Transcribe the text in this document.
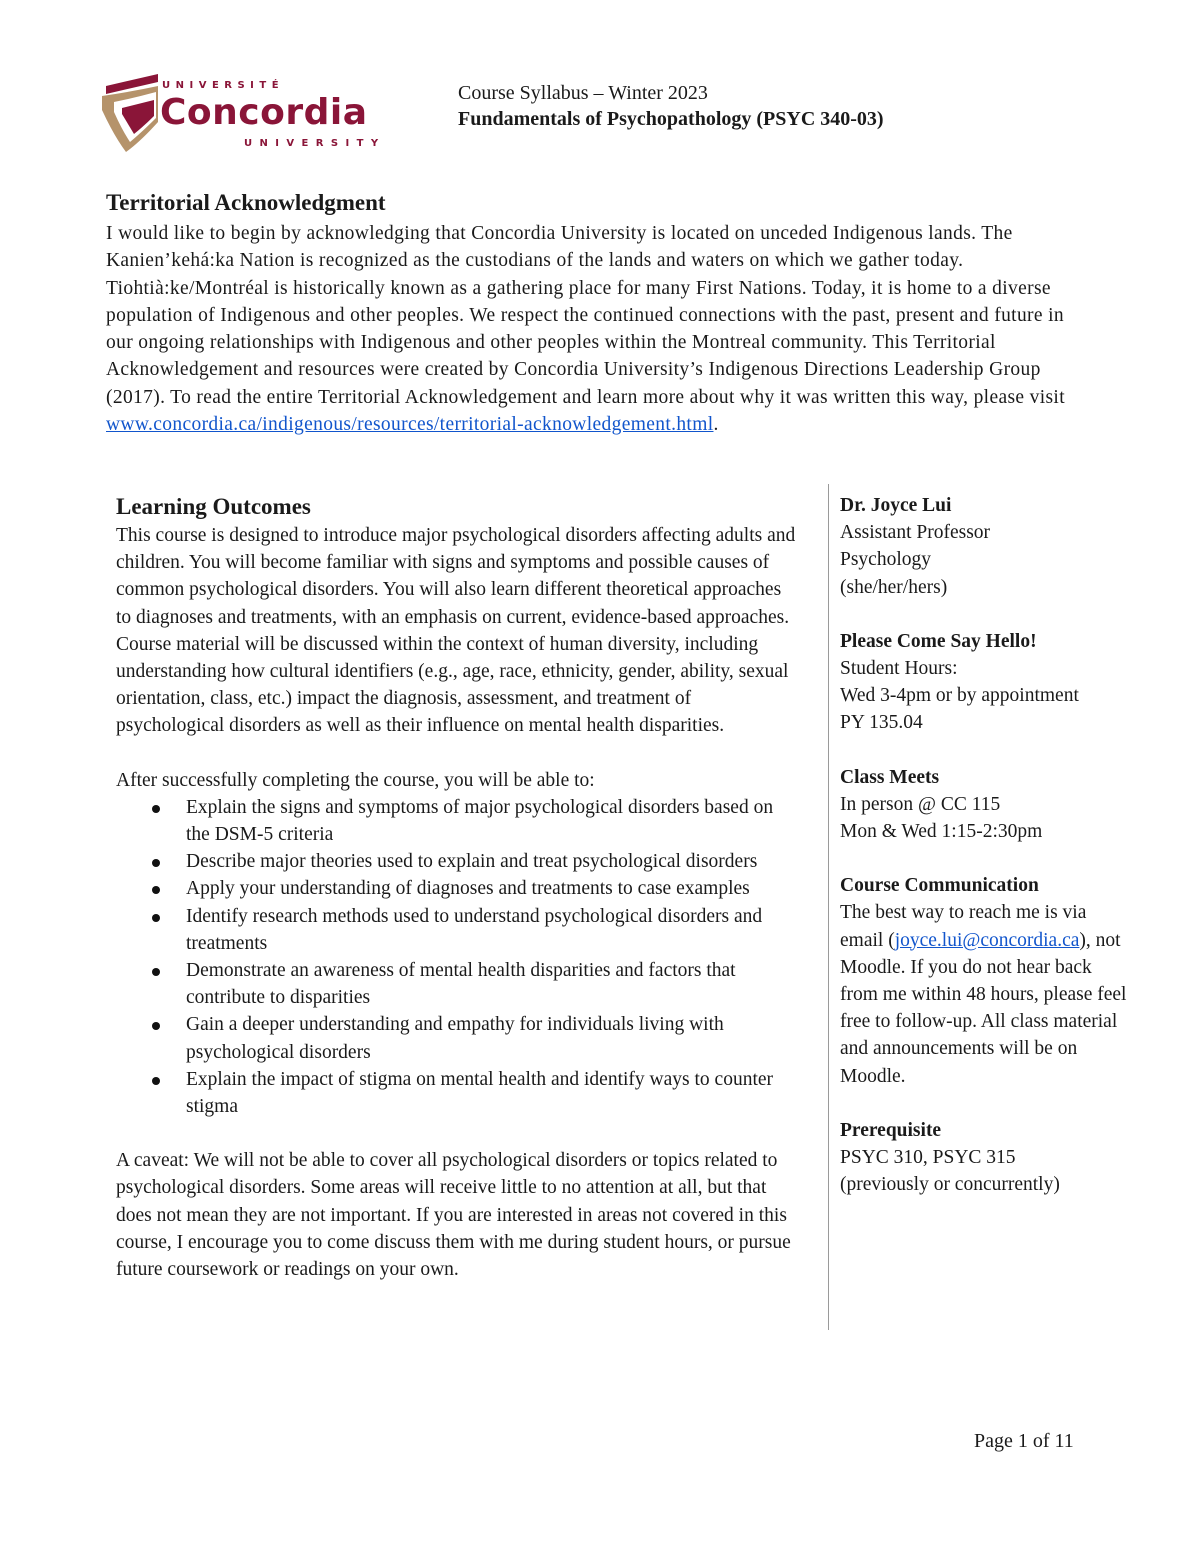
UNIVERSITÉ
Concordia
UNIVERSITY
Course Syllabus – Winter 2023
Fundamentals of Psychopathology (PSYC 340-03)
Territorial Acknowledgment

I would like to begin by acknowledging that Concordia University is located on unceded Indigenous lands. The Kanien’kehá:ka Nation is recognized as the custodians of the lands and waters on which we gather today. Tiohtià:ke/Montréal is historically known as a gathering place for many First Nations. Today, it is home to a diverse population of Indigenous and other peoples. We respect the continued connections with the past, present and future in our ongoing relationships with Indigenous and other peoples within the Montreal community. This Territorial Acknowledgement and resources were created by Concordia University’s Indigenous Directions Leadership Group (2017). To read the entire Territorial Acknowledgement and learn more about why it was written this way, please visit www.concordia.ca/indigenous/resources/territorial-acknowledgement.html.

Learning Outcomes

This course is designed to introduce major psychological disorders affecting adults and children. You will become familiar with signs and symptoms and possible causes of common psychological disorders. You will also learn different theoretical approaches to diagnoses and treatments, with an emphasis on current, evidence-based approaches. Course material will be discussed within the context of human diversity, including understanding how cultural identifiers (e.g., age, race, ethnicity, gender, ability, sexual orientation, class, etc.) impact the diagnosis, assessment, and treatment of psychological disorders as well as their influence on mental health disparities.

After successfully completing the course, you will be able to:

Explain the signs and symptoms of major psychological disorders based on the DSM-5 criteria
Describe major theories used to explain and treat psychological disorders
Apply your understanding of diagnoses and treatments to case examples
Identify research methods used to understand psychological disorders and treatments
Demonstrate an awareness of mental health disparities and factors that contribute to disparities
Gain a deeper understanding and empathy for individuals living with psychological disorders
Explain the impact of stigma on mental health and identify ways to counter stigma

A caveat: We will not be able to cover all psychological disorders or topics related to psychological disorders. Some areas will receive little to no attention at all, but that does not mean they are not important. If you are interested in areas not covered in this course, I encourage you to come discuss them with me during student hours, or pursue future coursework or readings on your own.

Dr. Joyce Lui
Assistant Professor
Psychology
(she/her/hers)
Please Come Say Hello!
Student Hours:
Wed 3-4pm or by appointment
PY 135.04
Class Meets
In person @ CC 115
Mon & Wed 1:15-2:30pm
Course Communication
The best way to reach me is via email (joyce.lui@concordia.ca), not Moodle. If you do not hear back from me within 48 hours, please feel free to follow-up. All class material and announcements will be on Moodle.
Prerequisite
PSYC 310, PSYC 315
(previously or concurrently)
Page 1 of 11
